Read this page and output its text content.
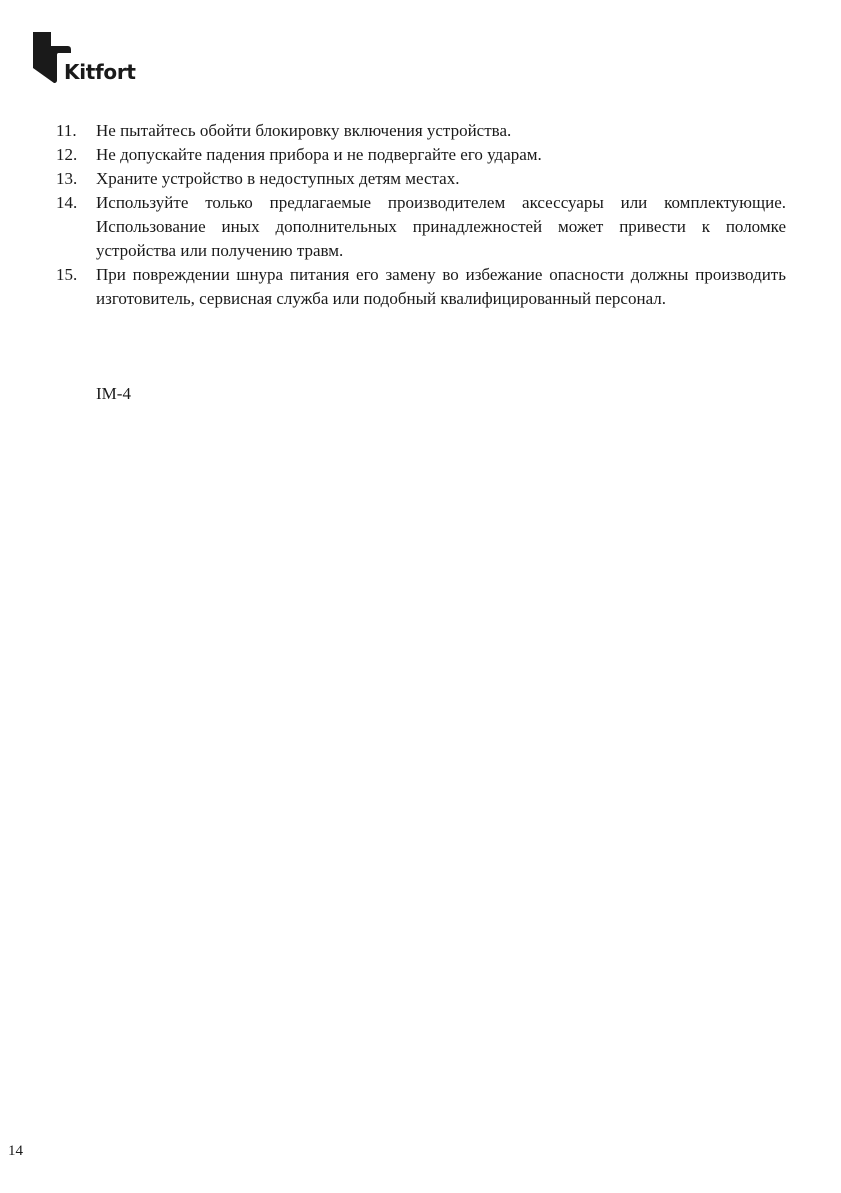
Kitfort
11. Не пытайтесь обойти блокировку включения устройства.
12. Не допускайте падения прибора и не подвергайте его ударам.
13. Храните устройство в недоступных детям местах.
14. Используйте только предлагаемые производителем аксессуары или комплектующие. Использование иных дополнительных принадлежностей может привести к поломке устройства или получению травм.
15. При повреждении шнура питания его замену во избежание опасности должны производить изготовитель, сервисная служба или подобный квалифицированный персонал.
IM-4
14
